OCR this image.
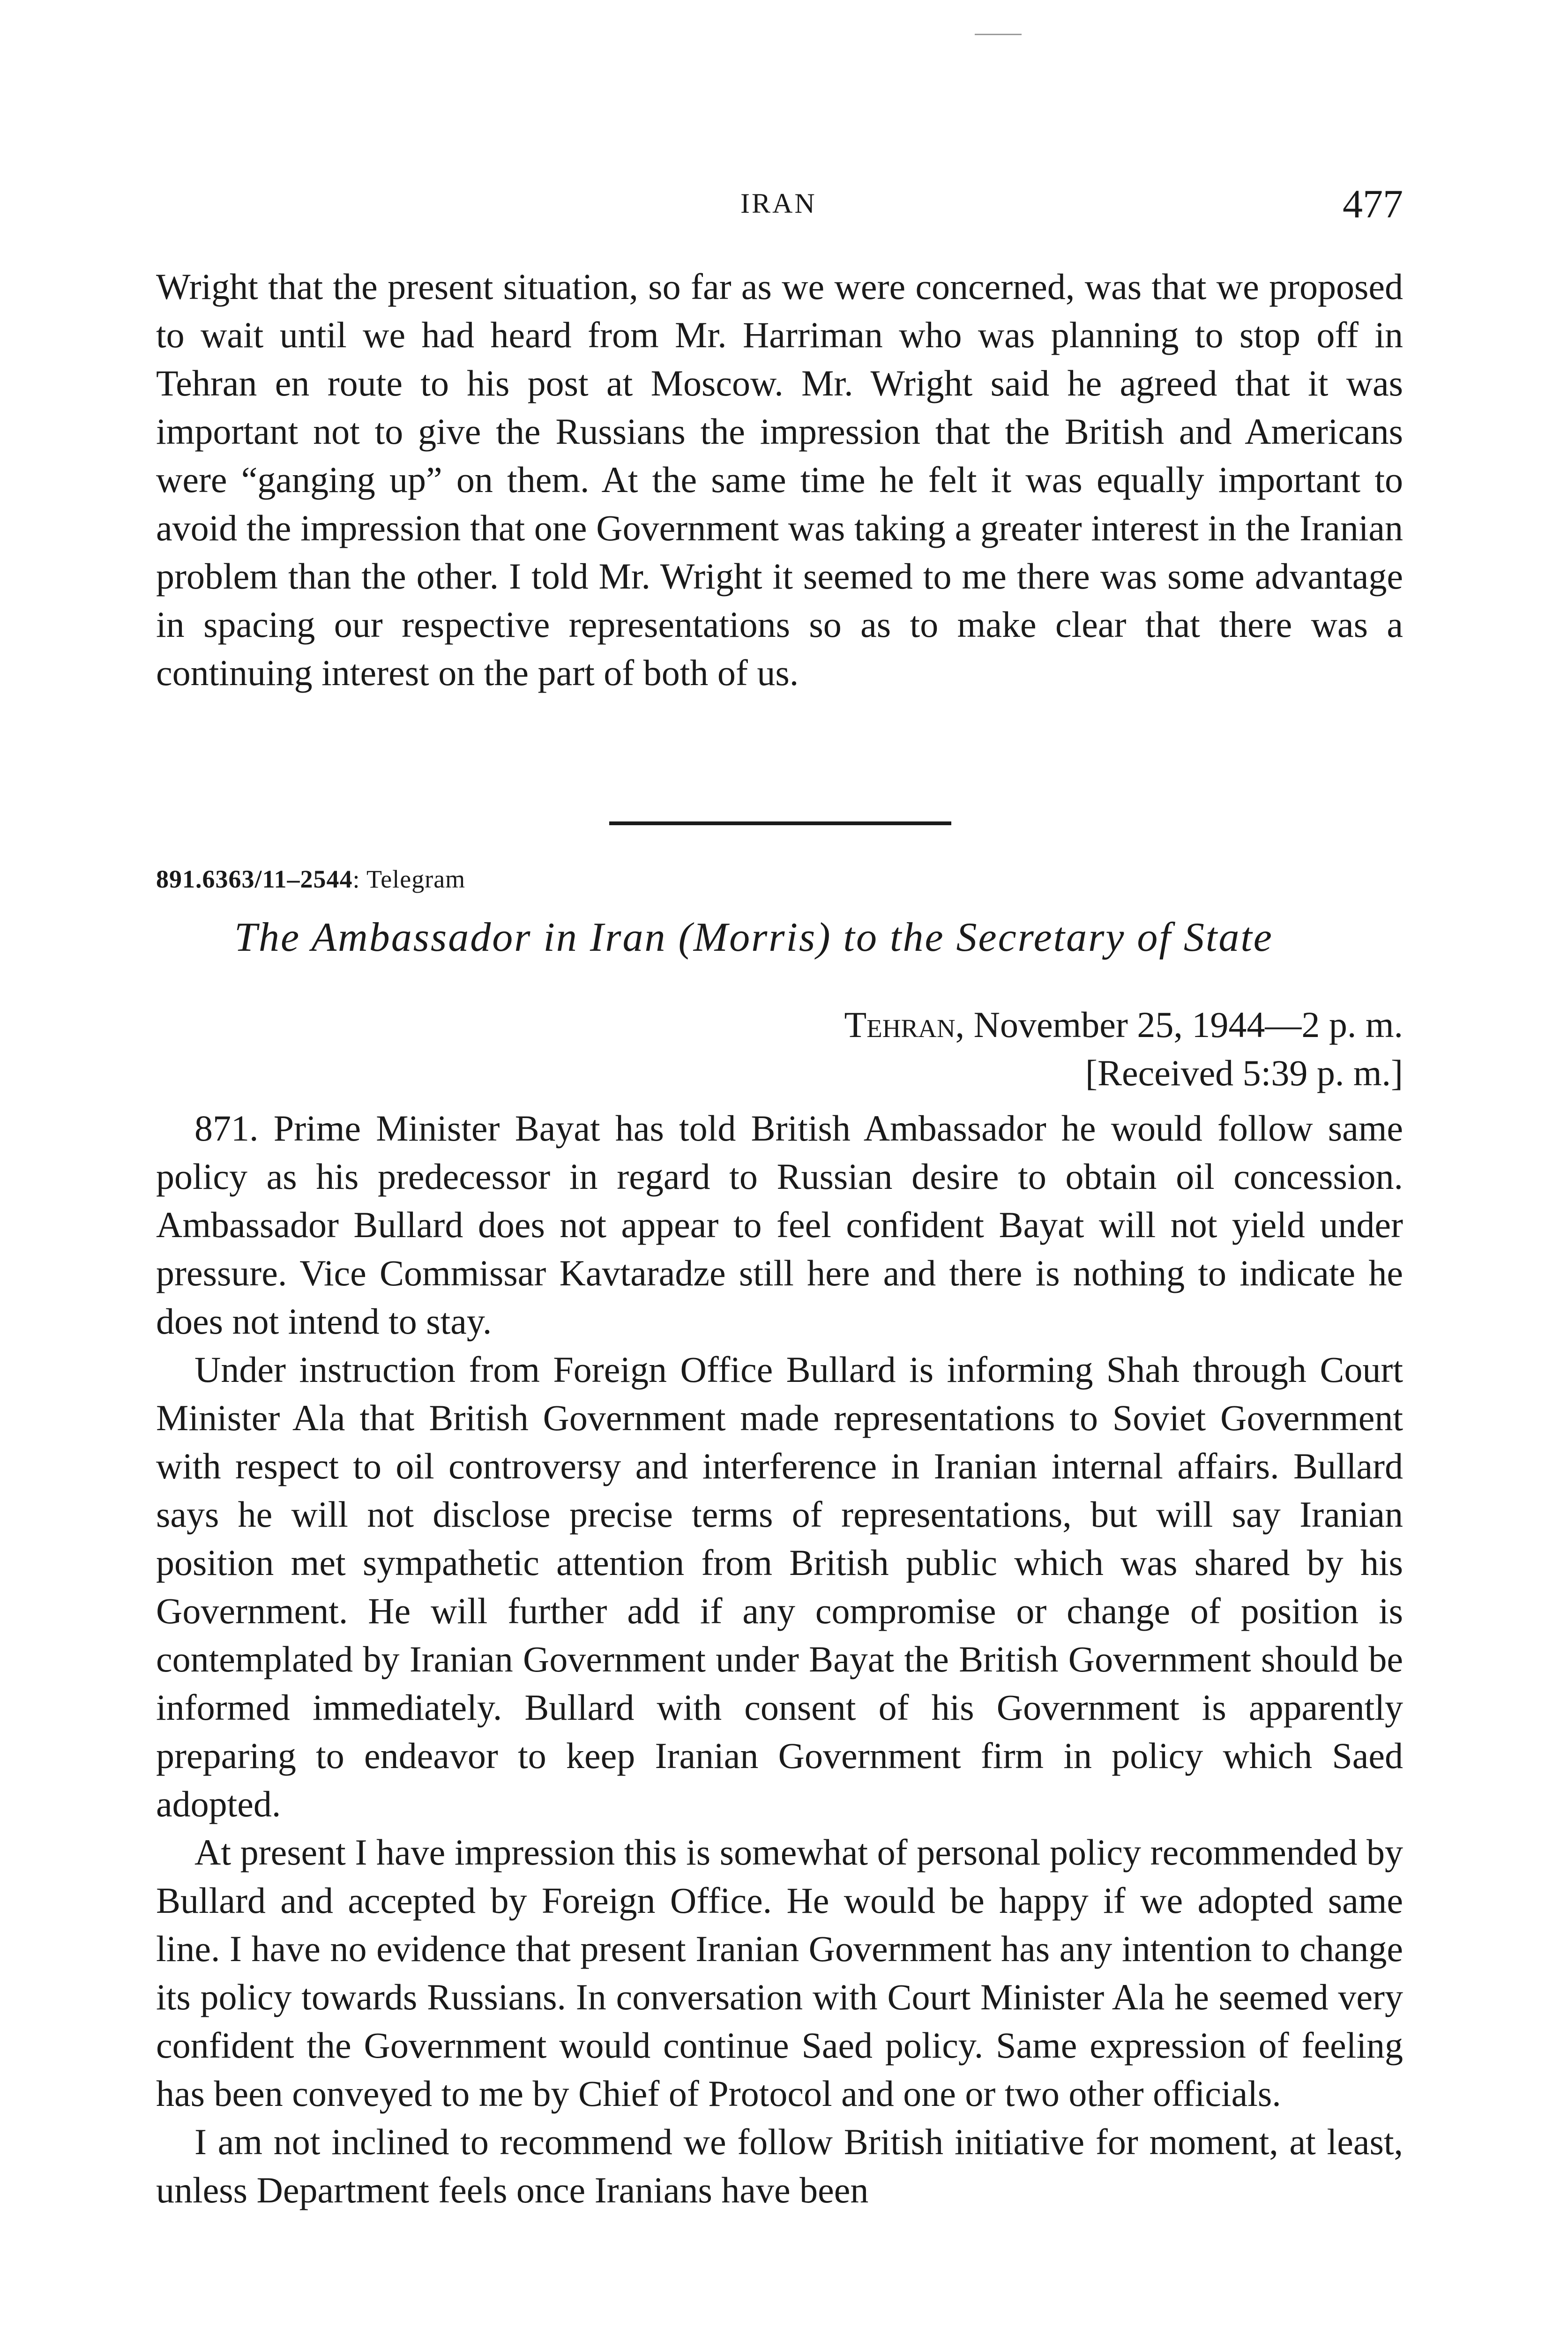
IRAN	477

Wright that the present situation, so far as we were concerned, was that we proposed to wait until we had heard from Mr. Harriman who was planning to stop off in Tehran en route to his post at Moscow. Mr. Wright said he agreed that it was important not to give the Russians the impression that the British and Americans were “ganging up” on them. At the same time he felt it was equally important to avoid the impression that one Government was taking a greater interest in the Iranian problem than the other. I told Mr. Wright it seemed to me there was some advantage in spacing our respective representations so as to make clear that there was a continuing interest on the part of both of us.

891.6363/11–2544: Telegram
The Ambassador in Iran (Morris) to the Secretary of State
Tehran, November 25, 1944—2 p. m.
[Received 5:39 p. m.]

871. Prime Minister Bayat has told British Ambassador he would follow same policy as his predecessor in regard to Russian desire to obtain oil concession. Ambassador Bullard does not appear to feel confident Bayat will not yield under pressure. Vice Commissar Kavtaradze still here and there is nothing to indicate he does not intend to stay.

Under instruction from Foreign Office Bullard is informing Shah through Court Minister Ala that British Government made representations to Soviet Government with respect to oil controversy and interference in Iranian internal affairs. Bullard says he will not disclose precise terms of representations, but will say Iranian position met sympathetic attention from British public which was shared by his Government. He will further add if any compromise or change of position is contemplated by Iranian Government under Bayat the British Government should be informed immediately. Bullard with consent of his Government is apparently preparing to endeavor to keep Iranian Government firm in policy which Saed adopted.

At present I have impression this is somewhat of personal policy recommended by Bullard and accepted by Foreign Office. He would be happy if we adopted same line. I have no evidence that present Iranian Government has any intention to change its policy towards Russians. In conversation with Court Minister Ala he seemed very confident the Government would continue Saed policy. Same expression of feeling has been conveyed to me by Chief of Protocol and one or two other officials.

I am not inclined to recommend we follow British initiative for moment, at least, unless Department feels once Iranians have been
